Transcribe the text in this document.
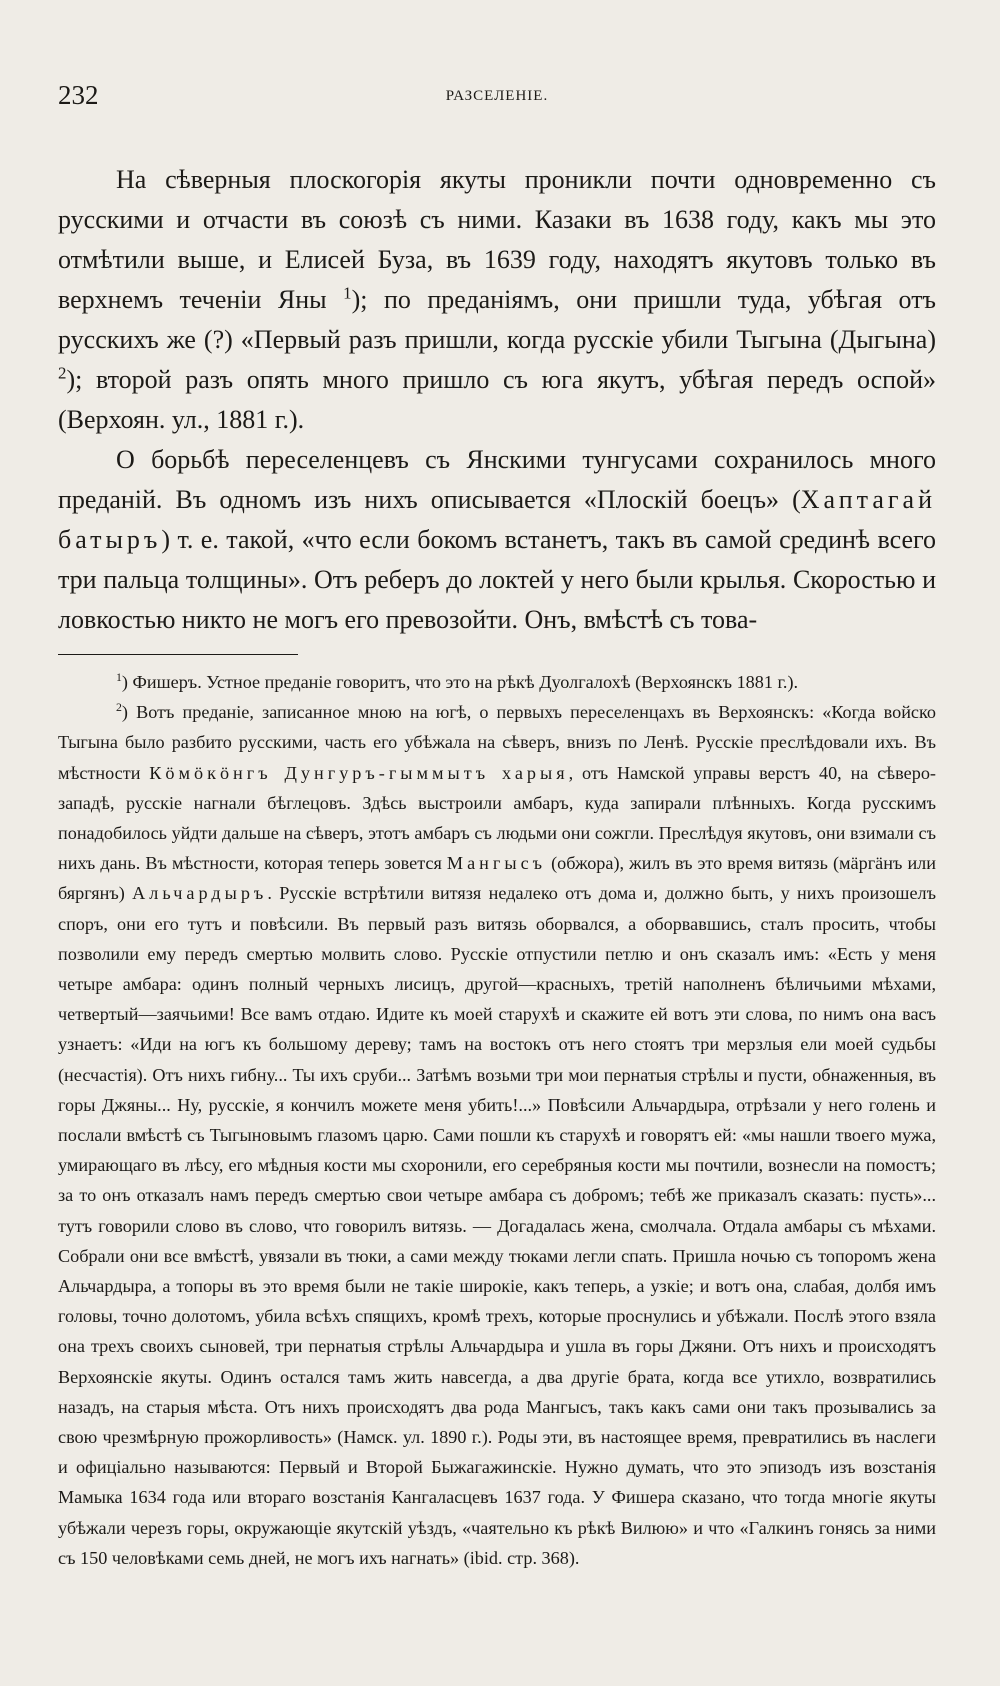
232	РАЗСЕЛЕНІЕ.

На сѣверныя плоскогорія якуты проникли почти одновременно съ русскими и отчасти въ союзѣ съ ними. Казаки въ 1638 году, какъ мы это отмѣтили выше, и Елисей Буза, въ 1639 году, находятъ якутовъ только въ верхнемъ теченіи Яны $^1$); по преданіямъ, они пришли туда, убѣгая отъ русскихъ же (?) «Первый разъ пришли, когда русскіе убили Тыгына (Дыгына) $^2$); второй разъ опять много пришло съ юга якутъ, убѣгая передъ оспой» (Верхоян. ул., 1881 г.).

О борьбѣ переселенцевъ съ Янскими тунгусами сохранилось много преданій. Въ одномъ изъ нихъ описывается «Плоскій боецъ» (Хаптагай батыръ) т. е. такой, «что если бокомъ встанетъ, такъ въ самой срединѣ всего три пальца толщины». Отъ реберъ до локтей у него были крылья. Скоростью и ловкостью никто не могъ его превозойти. Онъ, вмѣстѣ съ това-

$^1$) Фишеръ. Устное преданіе говоритъ, что это на рѣкѣ Дуолгалохѣ (Верхоянскъ 1881 г.).

$^2$) Вотъ преданіе, записанное мною на югѣ, о первыхъ переселенцахъ въ Верхоянскъ: «Когда войско Тыгына было разбито русскими, часть его убѣжала на сѣверъ, внизъ по Ленѣ. Русскіе преслѣдовали ихъ. Въ мѣстности Кӧмӧкӧнгъ Дунгуръ-гыммытъ харыя, отъ Намской управы верстъ 40, на сѣверо-западѣ, русскіе нагнали бѣглецовъ. Здѣсь выстроили амбаръ, куда запирали плѣнныхъ. Когда русскимъ понадобилось уйдти дальше на сѣверъ, этотъ амбаръ съ людьми они сожгли. Преслѣдуя якутовъ, они взимали съ нихъ дань. Въ мѣстности, которая теперь зовется Мангысъ (обжора), жилъ въ это время витязь (мӓргӓнъ или бяргянъ) Альчардыръ. Русскіе встрѣтили витязя недалеко отъ дома и, должно быть, у нихъ произошелъ споръ, они его тутъ и повѣсили. Въ первый разъ витязь оборвался, а оборвавшись, сталъ просить, чтобы позволили ему передъ смертью молвить слово. Русскіе отпустили петлю и онъ сказалъ имъ: «Есть у меня четыре амбара: одинъ полный черныхъ лисицъ, другой—красныхъ, третій наполненъ бѣличьими мѣхами, четвертый—заячьими! Все вамъ отдаю. Идите къ моей старухѣ и скажите ей вотъ эти слова, по нимъ она васъ узнаетъ: «Иди на югъ къ большому дереву; тамъ на востокъ отъ него стоятъ три мерзлыя ели моей судьбы (несчастія). Отъ нихъ гибну... Ты ихъ сруби... Затѣмъ возьми три мои пернатыя стрѣлы и пусти, обнаженныя, въ горы Джяны... Ну, русскіе, я кончилъ можете меня убить!...» Повѣсили Альчардыра, отрѣзали у него голень и послали вмѣстѣ съ Тыгыновымъ глазомъ царю. Сами пошли къ старухѣ и говорятъ ей: «мы нашли твоего мужа, умирающаго въ лѣсу, его мѣдныя кости мы схоронили, его серебряныя кости мы почтили, вознесли на помостъ; за то онъ отказалъ намъ передъ смертью свои четыре амбара съ добромъ; тебѣ же приказалъ сказать: пусть»... тутъ говорили слово въ слово, что говорилъ витязь. — Догадалась жена, смолчала. Отдала амбары съ мѣхами. Собрали они все вмѣстѣ, увязали въ тюки, а сами между тюками легли спать. Пришла ночью съ топоромъ жена Альчардыра, а топоры въ это время были не такіе широкіе, какъ теперь, а узкіе; и вотъ она, слабая, долбя имъ головы, точно долотомъ, убила всѣхъ спящихъ, кромѣ трехъ, которые проснулись и убѣжали. Послѣ этого взяла она трехъ своихъ сыновей, три пернатыя стрѣлы Альчардыра и ушла въ горы Джяни. Отъ нихъ и происходятъ Верхоянскіе якуты. Одинъ остался тамъ жить навсегда, а два другіе брата, когда все утихло, возвратились назадъ, на старыя мѣста. Отъ нихъ происходятъ два рода Мангысъ, такъ какъ сами они такъ прозывались за свою чрезмѣрную прожорливость» (Намск. ул. 1890 г.). Роды эти, въ настоящее время, превратились въ наслеги и офиціально называются: Первый и Второй Быжагажинскіе. Нужно думать, что это эпизодъ изъ возстанія Мамыка 1634 года или втораго возстанія Кангаласцевъ 1637 года. У Фишера сказано, что тогда многіе якуты убѣжали черезъ горы, окружающіе якутскій уѣздъ, «чаятельно къ рѣкѣ Вилюю» и что «Галкинъ гонясь за ними съ 150 человѣками семь дней, не могъ ихъ нагнать» (ibid. стр. 368).
